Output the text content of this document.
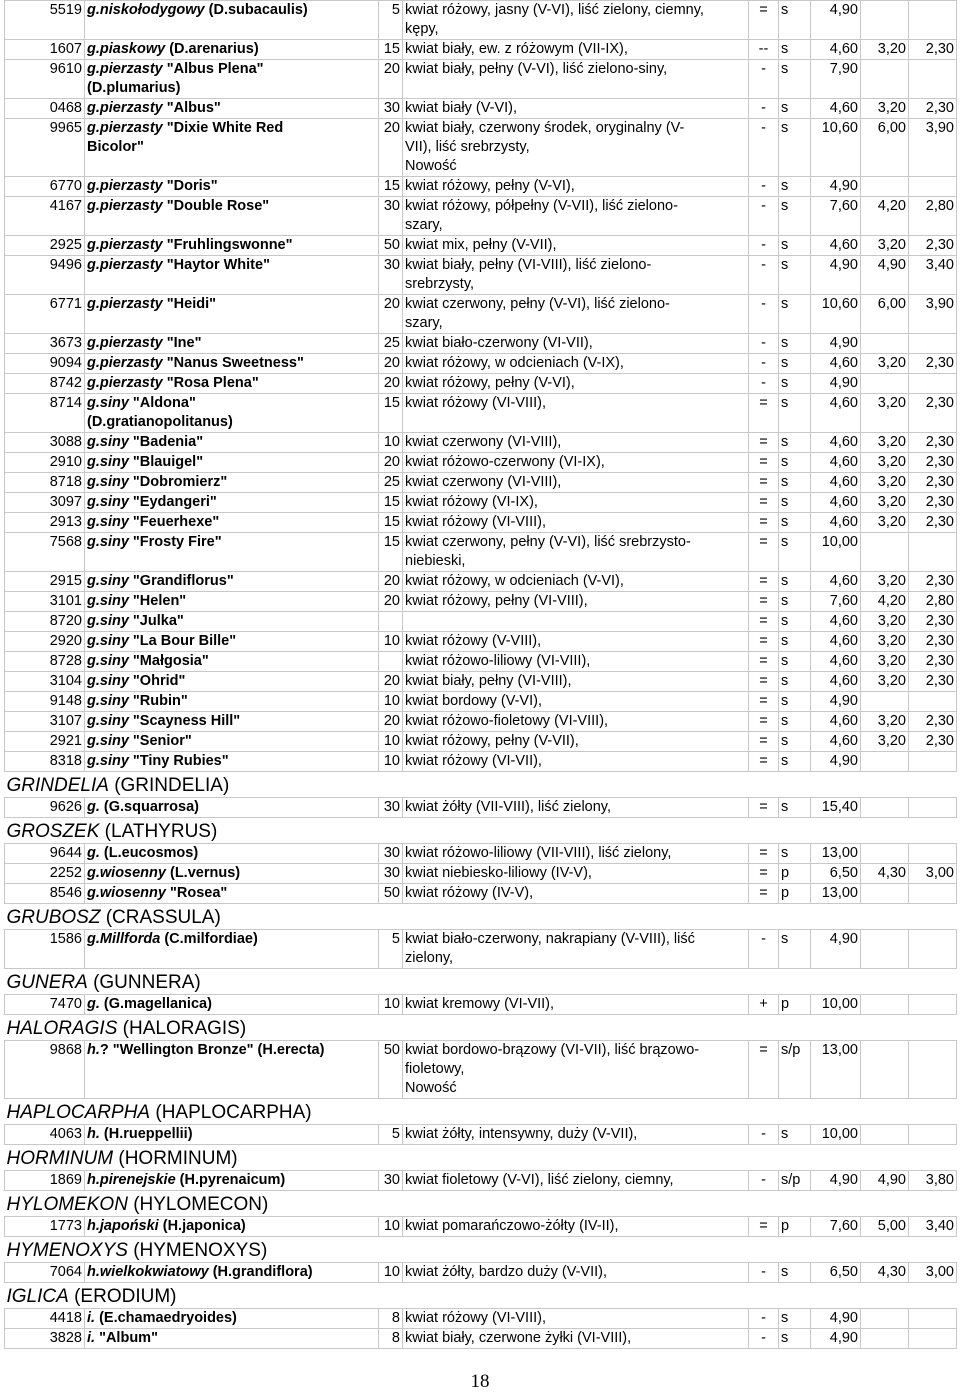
5519	g.niskołodygowy (D.subacaulis)	5	kwiat różowy, jasny (V-VI), liść zielony, ciemny,
kępy,	=	s	4,90		
1607	g.piaskowy (D.arenarius)	15	kwiat biały, ew. z różowym (VII-IX),	--	s	4,60	3,20	2,30
9610	g.pierzasty "Albus Plena"
(D.plumarius)	20	kwiat biały, pełny (V-VI), liść zielono-siny,	-	s	7,90		
0468	g.pierzasty "Albus"	30	kwiat biały (V-VI),	-	s	4,60	3,20	2,30
9965	g.pierzasty "Dixie White Red
Bicolor"	20	kwiat biały, czerwony środek, oryginalny (V-
VII), liść srebrzysty,
Nowość	-	s	10,60	6,00	3,90
6770	g.pierzasty "Doris"	15	kwiat różowy, pełny (V-VI),	-	s	4,90		
4167	g.pierzasty "Double Rose"	30	kwiat różowy, półpełny (V-VII), liść zielono-
szary,	-	s	7,60	4,20	2,80
2925	g.pierzasty "Fruhlingswonne"	50	kwiat mix, pełny (V-VII),	-	s	4,60	3,20	2,30
9496	g.pierzasty "Haytor White"	30	kwiat biały, pełny (VI-VIII), liść zielono-
srebrzysty,	-	s	4,90	4,90	3,40
6771	g.pierzasty "Heidi"	20	kwiat czerwony, pełny (V-VI), liść zielono-
szary,	-	s	10,60	6,00	3,90
3673	g.pierzasty "Ine"	25	kwiat biało-czerwony (VI-VII),	-	s	4,90		
9094	g.pierzasty "Nanus Sweetness"	20	kwiat różowy, w odcieniach (V-IX),	-	s	4,60	3,20	2,30
8742	g.pierzasty "Rosa Plena"	20	kwiat różowy, pełny (V-VI),	-	s	4,90		
8714	g.siny "Aldona"
(D.gratianopolitanus)	15	kwiat różowy (VI-VIII),	=	s	4,60	3,20	2,30
3088	g.siny "Badenia"	10	kwiat czerwony (VI-VIII),	=	s	4,60	3,20	2,30
2910	g.siny "Blauigel"	20	kwiat różowo-czerwony (VI-IX),	=	s	4,60	3,20	2,30
8718	g.siny "Dobromierz"	25	kwiat czerwony (VI-VIII),	=	s	4,60	3,20	2,30
3097	g.siny "Eydangeri"	15	kwiat różowy (VI-IX),	=	s	4,60	3,20	2,30
2913	g.siny "Feuerhexe"	15	kwiat różowy (VI-VIII),	=	s	4,60	3,20	2,30
7568	g.siny "Frosty Fire"	15	kwiat czerwony, pełny (V-VI), liść srebrzysto-
niebieski,	=	s	10,00		
2915	g.siny "Grandiflorus"	20	kwiat różowy, w odcieniach (V-VI),	=	s	4,60	3,20	2,30
3101	g.siny "Helen"	20	kwiat różowy, pełny (VI-VIII),	=	s	7,60	4,20	2,80
8720	g.siny "Julka"			=	s	4,60	3,20	2,30
2920	g.siny "La Bour Bille"	10	kwiat różowy (V-VIII),	=	s	4,60	3,20	2,30
8728	g.siny "Małgosia"		kwiat różowo-liliowy (VI-VIII),	=	s	4,60	3,20	2,30
3104	g.siny "Ohrid"	20	kwiat biały, pełny (VI-VIII),	=	s	4,60	3,20	2,30
9148	g.siny "Rubin"	10	kwiat bordowy (V-VI),	=	s	4,90		
3107	g.siny "Scayness Hill"	20	kwiat różowo-fioletowy (VI-VIII),	=	s	4,60	3,20	2,30
2921	g.siny "Senior"	10	kwiat różowy, pełny (V-VII),	=	s	4,60	3,20	2,30
8318	g.siny "Tiny Rubies"	10	kwiat różowy (VI-VII),	=	s	4,90		
GRINDELIA (GRINDELIA)								
9626	g. (G.squarrosa)	30	kwiat żółty (VII-VIII), liść zielony,	=	s	15,40		
GROSZEK (LATHYRUS)								
9644	g. (L.eucosmos)	30	kwiat różowo-liliowy (VII-VIII), liść zielony,	=	s	13,00		
2252	g.wiosenny (L.vernus)	30	kwiat niebiesko-liliowy (IV-V),	=	p	6,50	4,30	3,00
8546	g.wiosenny "Rosea"	50	kwiat różowy (IV-V),	=	p	13,00		
GRUBOSZ (CRASSULA)								
1586	g.Millforda (C.milfordiae)	5	kwiat biało-czerwony, nakrapiany (V-VIII), liść
zielony,	-	s	4,90		
GUNERA (GUNNERA)								
7470	g. (G.magellanica)	10	kwiat kremowy (VI-VII),	+	p	10,00		
HALORAGIS (HALORAGIS)								
9868	h.? "Wellington Bronze" (H.erecta)	50	kwiat bordowo-brązowy (VI-VII), liść brązowo-
fioletowy,
Nowość	=	s/p	13,00		
HAPLOCARPHA (HAPLOCARPHA)								
4063	h. (H.rueppellii)	5	kwiat żółty, intensywny, duży (V-VII),	-	s	10,00		
HORMINUM (HORMINUM)								
1869	h.pirenejskie (H.pyrenaicum)	30	kwiat fioletowy (V-VI), liść zielony, ciemny,	-	s/p	4,90	4,90	3,80
HYLOMEKON (HYLOMECON)								
1773	h.japoński (H.japonica)	10	kwiat pomarańczowo-żółty (IV-II),	=	p	7,60	5,00	3,40
HYMENOXYS (HYMENOXYS)								
7064	h.wielkokwiatowy (H.grandiflora)	10	kwiat żółty, bardzo duży (V-VII),	-	s	6,50	4,30	3,00
IGLICA (ERODIUM)								
4418	i. (E.chamaedryoides)	8	kwiat różowy (VI-VIII),	-	s	4,90		
3828	i. "Album"	8	kwiat biały, czerwone żyłki (VI-VIII),	-	s	4,90		
18
